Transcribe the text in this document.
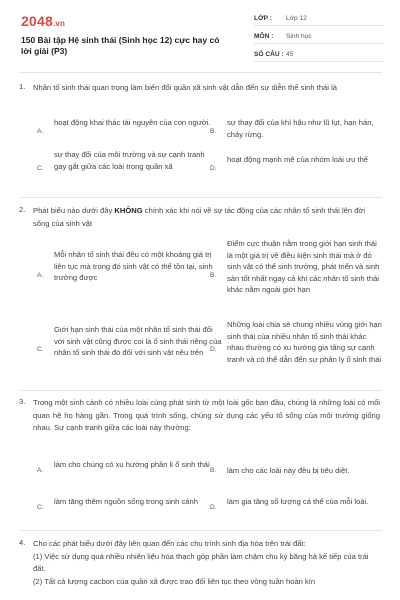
2048.vn
150 Bài tập Hệ sinh thái (Sinh học 12) cực hay có lời giải (P3)
LỚP : Lớp 12
MÔN : Sinh học
SỐ CÂU : 45
1. Nhân tố sinh thái quan trọng làm biến đổi quần xã sinh vật dẫn đến sự diễn thế sinh thái là
A.
hoạt động khai thác tài nguyên của con người.
B.
sự thay đổi của khí hậu như lũ lụt, hạn hán, cháy rừng.
C.
sự thay đổi của môi trường và sự cạnh tranh gay gắt giữa các loài trong quần xã	D.
hoạt động mạnh mẽ của nhóm loài ưu thế
2. Phát biểu nào dưới đây KHÔNG chính xác khi nói về sự tác động của các nhân tố sinh thái lên đời sống của sinh vật
A.
Mỗi nhân tố sinh thái đều có một khoảng giá trị liên tục mà trong đó sinh vật có thể tồn tại, sinh trưởng được	B.
Điểm cực thuận nằm trong giới hạn sinh thái là một giá trị về điều kiện sinh thái mà ở đó sinh vật có thể sinh trưởng, phát triển và sinh sản tốt nhất ngay cả khi các nhân tố sinh thái khác nằm ngoài giới hạn
C.
Giới hạn sinh thái của một nhân tố sinh thái đối với sinh vật cũng được coi là ổ sinh thái riêng của nhân tố sinh thái đó đối với sinh vật nêu trên	D.
Những loài chia sẻ chung nhiều vùng giới hạn sinh thái của nhiều nhân tố sinh thái khác nhau thường có xu hướng gia tăng sự cạnh tranh và có thể dẫn đến sự phân ly ổ sinh thái
3. Trong một sinh cảnh có nhiều loài cùng phát sinh từ một loài gốc ban đầu, chúng là những loài có mối quan hệ họ hàng gần. Trong quá trình sống, chúng sử dụng các yếu tố sống của môi trường giống nhau. Sự cạnh tranh giữa các loài này thường:
A.
làm cho chúng có xu hướng phân li ổ sinh thái
B. làm cho các loài này đều bị tiêu diệt.
C.
làm tăng thêm nguồn sống trong sinh cảnh
D.
làm gia tăng số lượng cá thể của mỗi loài.
4. Cho các phát biểu dưới đây liên quan đến các chu trình sinh địa hóa trên trái đất:
(1) Việc sử dụng quá nhiều nhiên liệu hóa thạch góp phần làm chậm chu kỳ băng hà kế tiếp của trái đất.
(2) Tất cả lượng cacbon của quần xã được trao đổi liên tục theo vòng tuần hoàn kín
